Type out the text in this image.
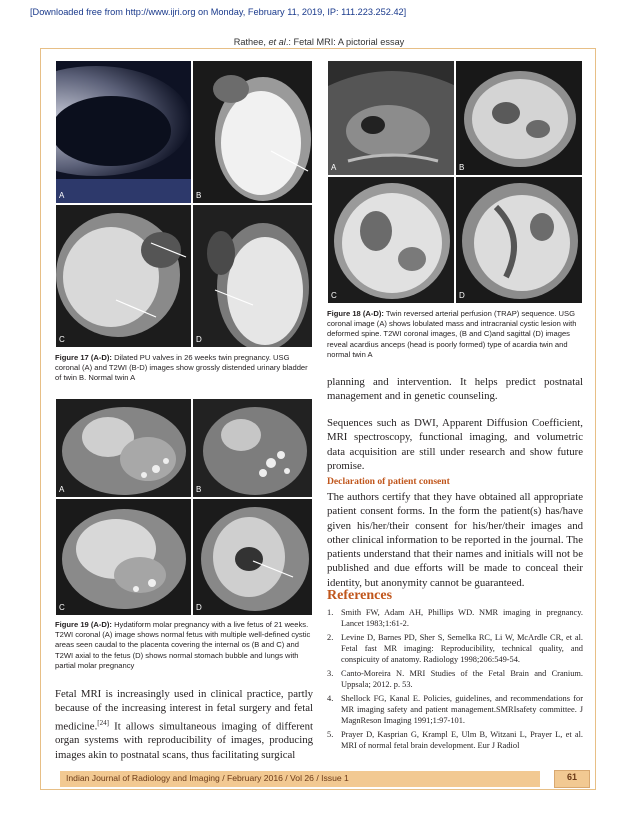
[Downloaded free from http://www.ijri.org on Monday, February 11, 2019, IP: 111.223.252.42]
Rathee, et al.: Fetal MRI: A pictorial essay
A	B
C	D
Figure 17 (A-D): Dilated PU valves in 26 weeks twin pregnancy. USG coronal (A) and T2WI (B-D) images show grossly distended urinary bladder of twin B. Normal twin A
A	B
C	D
Figure 18 (A-D): Twin reversed arterial perfusion (TRAP) sequence. USG coronal image (A) shows lobulated mass and intracranial cystic lesion with deformed spine. T2WI coronal images, (B and C)and sagittal (D) images reveal acardius anceps (head is poorly formed) type of acardia twin and normal twin A
A	B
C	D
Figure 19 (A-D): Hydatiform molar pregnancy with a live fetus of 21 weeks. T2WI coronal (A) image shows normal fetus with multiple well-defined cystic areas seen caudal to the placenta covering the internal os (B and C) and T2WI axial to the fetus (D) shows normal stomach bubble and lungs with partial molar pregnancy

Fetal MRI is increasingly used in clinical practice, partly because of the increasing interest in fetal surgery and fetal medicine.[24] It allows simultaneous imaging of different organ systems with reproducibility of images, producing images akin to postnatal scans, thus facilitating surgical

planning and intervention. It helps predict postnatal management and in genetic counseling.

Sequences such as DWI, Apparent Diffusion Coefficient, MRI spectroscopy, functional imaging, and volumetric data acquisition are still under research and show future promise.

Declaration of patient consent

The authors certify that they have obtained all appropriate patient consent forms. In the form the patient(s) has/have given his/her/their consent for his/her/their images and other clinical information to be reported in the journal. The patients understand that their names and initials will not be published and due efforts will be made to conceal their identity, but anonymity cannot be guaranteed.

References
1. Smith FW, Adam AH, Phillips WD. NMR imaging in pregnancy. Lancet 1983;1:61-2.
2. Levine D, Barnes PD, Sher S, Semelka RC, Li W, McArdle CR, et al. Fetal fast MR imaging: Reproducibility, technical quality, and conspicuity of anatomy. Radiology 1998;206:549-54.
3. Canto-Moreira N. MRI Studies of the Fetal Brain and Cranium. Uppsala; 2012. p. 53.
4. Shellock FG, Kanal E. Policies, guidelines, and recommendations for MR imaging safety and patient management.SMRIsafety committee. J MagnReson Imaging 1991;1:97-101.
5. Prayer D, Kasprian G, Krampl E, Ulm B, Witzani L, Prayer L, et al. MRI of normal fetal brain development. Eur J Radiol
Indian Journal of Radiology and Imaging / February 2016 / Vol 26 / Issue 1	61
